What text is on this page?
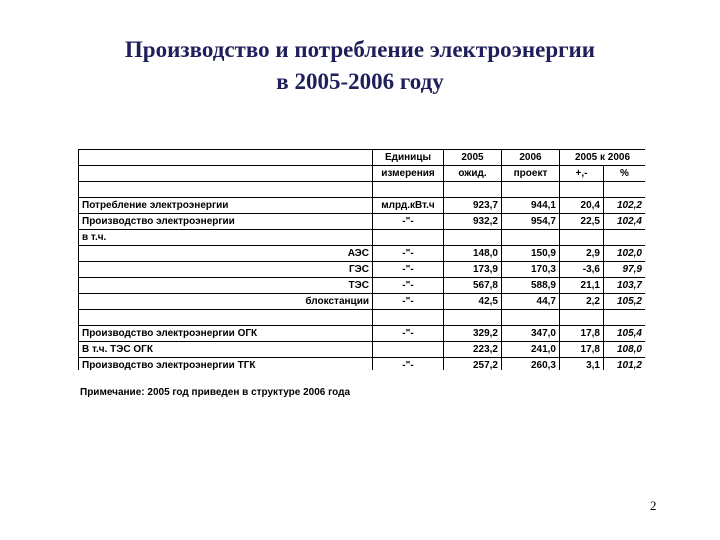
Производство и потребление электроэнергии
в 2005-2006 году
	Единицы	2005	2006	2005 к 2006	
	измерения	ожид.	проект	+,-	%

Потребление электроэнергии	млрд.кВт.ч	923,7	944,1	20,4	102,2
Производство электроэнергии	-"-	932,2	954,7	22,5	102,4
в т.ч.					
АЭС	-"-	148,0	150,9	2,9	102,0
ГЭС	-"-	173,9	170,3	-3,6	97,9
ТЭС	-"-	567,8	588,9	21,1	103,7
блокстанции	-"-	42,5	44,7	2,2	105,2

Производство электроэнергии ОГК	-"-	329,2	347,0	17,8	105,4
В т.ч. ТЭС ОГК		223,2	241,0	17,8	108,0
Производство электроэнергии ТГК	-"-	257,2	260,3	3,1	101,2
Примечание: 2005 год приведен в структуре 2006 года
2
